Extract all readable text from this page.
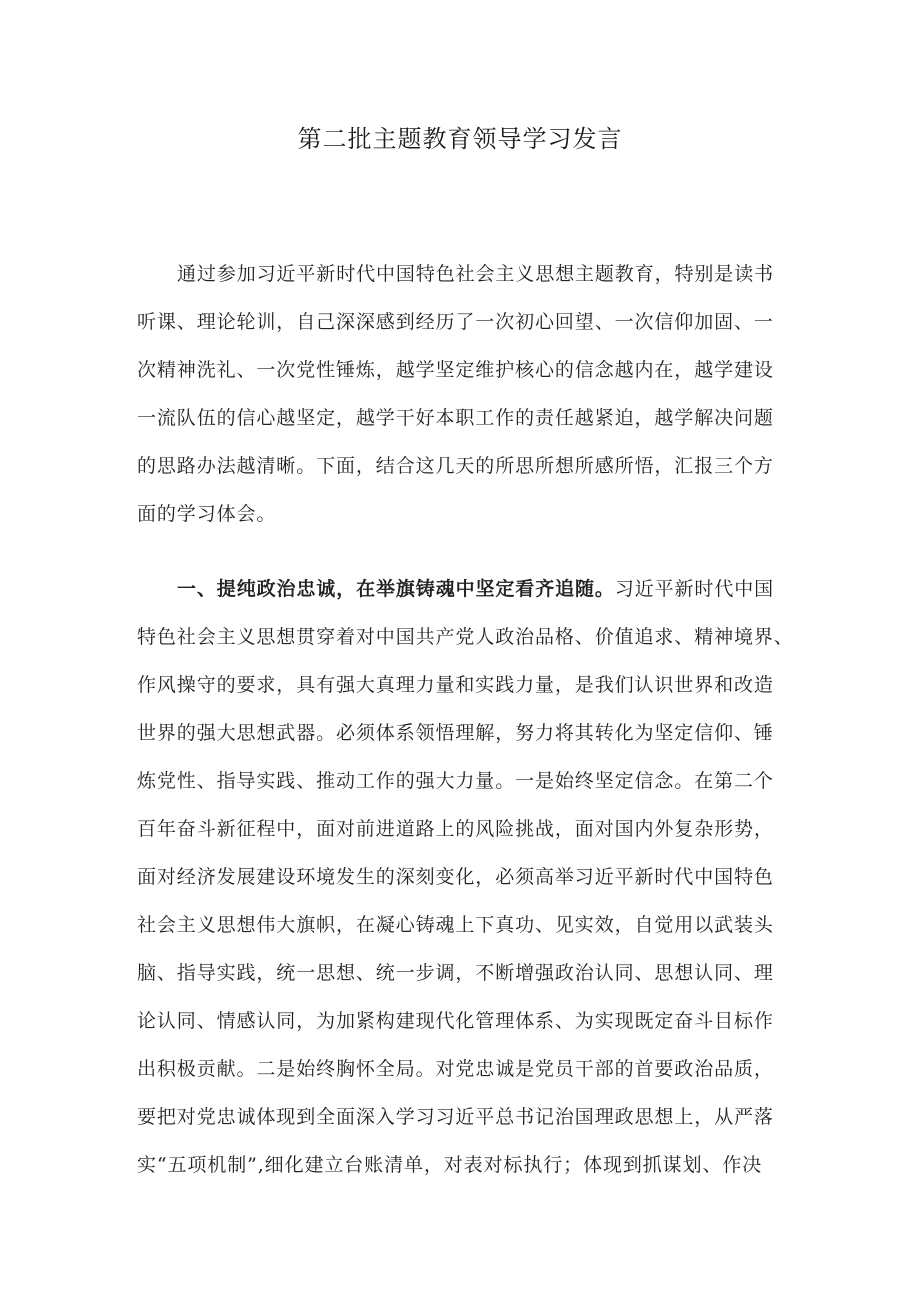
第二批主题教育领导学习发言
通过参加习近平新时代中国特色社会主义思想主题教育，特别是读书
听课、理论轮训，自己深深感到经历了一次初心回望、一次信仰加固、一
次精神洗礼、一次党性锤炼，越学坚定维护核心的信念越内在，越学建设
一流队伍的信心越坚定，越学干好本职工作的责任越紧迫，越学解决问题
的思路办法越清晰。下面，结合这几天的所思所想所感所悟，汇报三个方
面的学习体会。
一、提纯政治忠诚，在举旗铸魂中坚定看齐追随。习近平新时代中国
特色社会主义思想贯穿着对中国共产党人政治品格、价值追求、精神境界、
作风操守的要求，具有强大真理力量和实践力量，是我们认识世界和改造
世界的强大思想武器。必须体系领悟理解，努力将其转化为坚定信仰、锤
炼党性、指导实践、推动工作的强大力量。一是始终坚定信念。在第二个
百年奋斗新征程中，面对前进道路上的风险挑战，面对国内外复杂形势，
面对经济发展建设环境发生的深刻变化，必须高举习近平新时代中国特色
社会主义思想伟大旗帜，在凝心铸魂上下真功、见实效，自觉用以武装头
脑、指导实践，统一思想、统一步调，不断增强政治认同、思想认同、理
论认同、情感认同，为加紧构建现代化管理体系、为实现既定奋斗目标作
出积极贡献。二是始终胸怀全局。对党忠诚是党员干部的首要政治品质，
要把对党忠诚体现到全面深入学习习近平总书记治国理政思想上，从严落
实“五项机制”,细化建立台账清单，对表对标执行；体现到抓谋划、作决
